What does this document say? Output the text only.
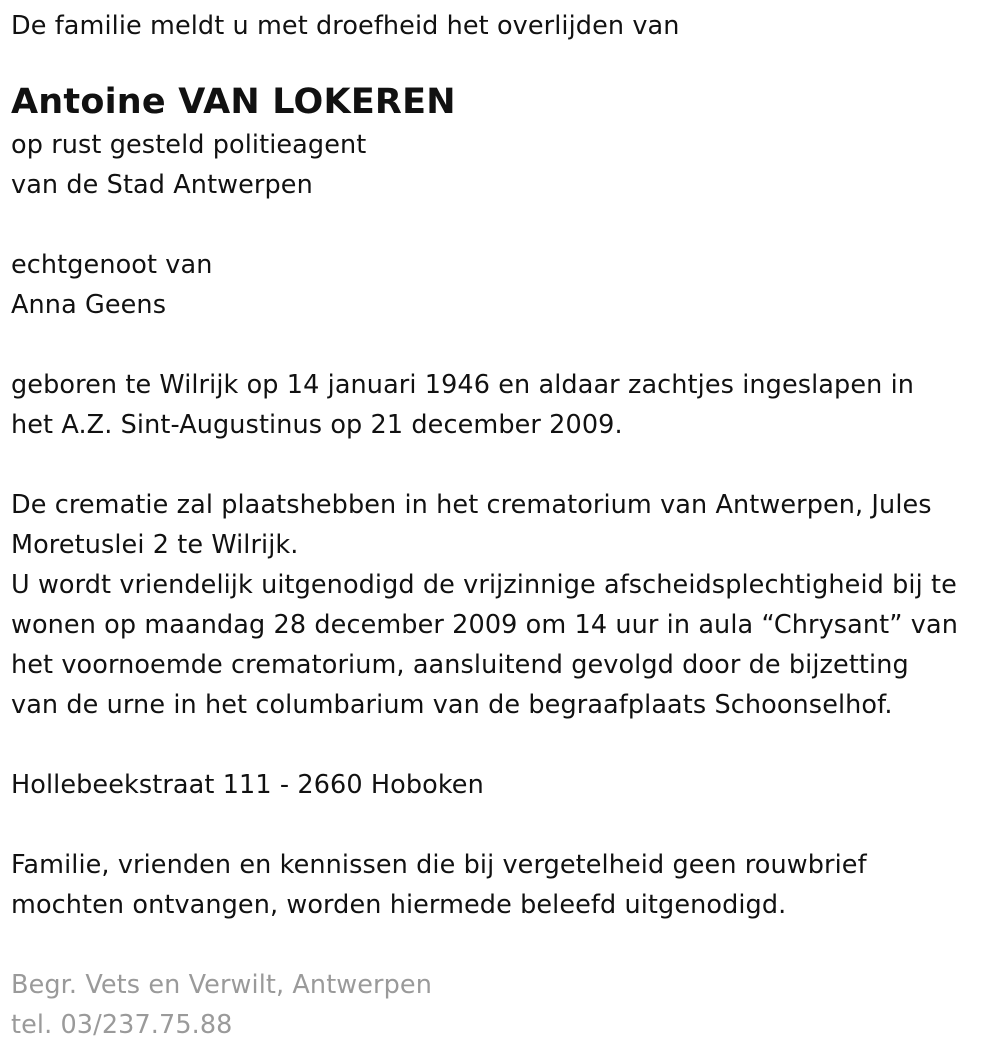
De familie meldt u met droefheid het overlijden van
Antoine VAN LOKEREN
op rust gesteld politieagent
van de Stad Antwerpen
echtgenoot van
Anna Geens
geboren te Wilrijk op 14 januari 1946 en aldaar zachtjes ingeslapen in
het A.Z. Sint-Augustinus op 21 december 2009.
De crematie zal plaatshebben in het crematorium van Antwerpen, Jules
Moretuslei 2 te Wilrijk.
U wordt vriendelijk uitgenodigd de vrijzinnige afscheidsplechtigheid bij te
wonen op maandag 28 december 2009 om 14 uur in aula “Chrysant” van
het voornoemde crematorium, aansluitend gevolgd door de bijzetting
van de urne in het columbarium van de begraafplaats Schoonselhof.
Hollebeekstraat 111 - 2660 Hoboken
Familie, vrienden en kennissen die bij vergetelheid geen rouwbrief
mochten ontvangen, worden hiermede beleefd uitgenodigd.
Begr. Vets en Verwilt, Antwerpen
tel. 03/237.75.88
